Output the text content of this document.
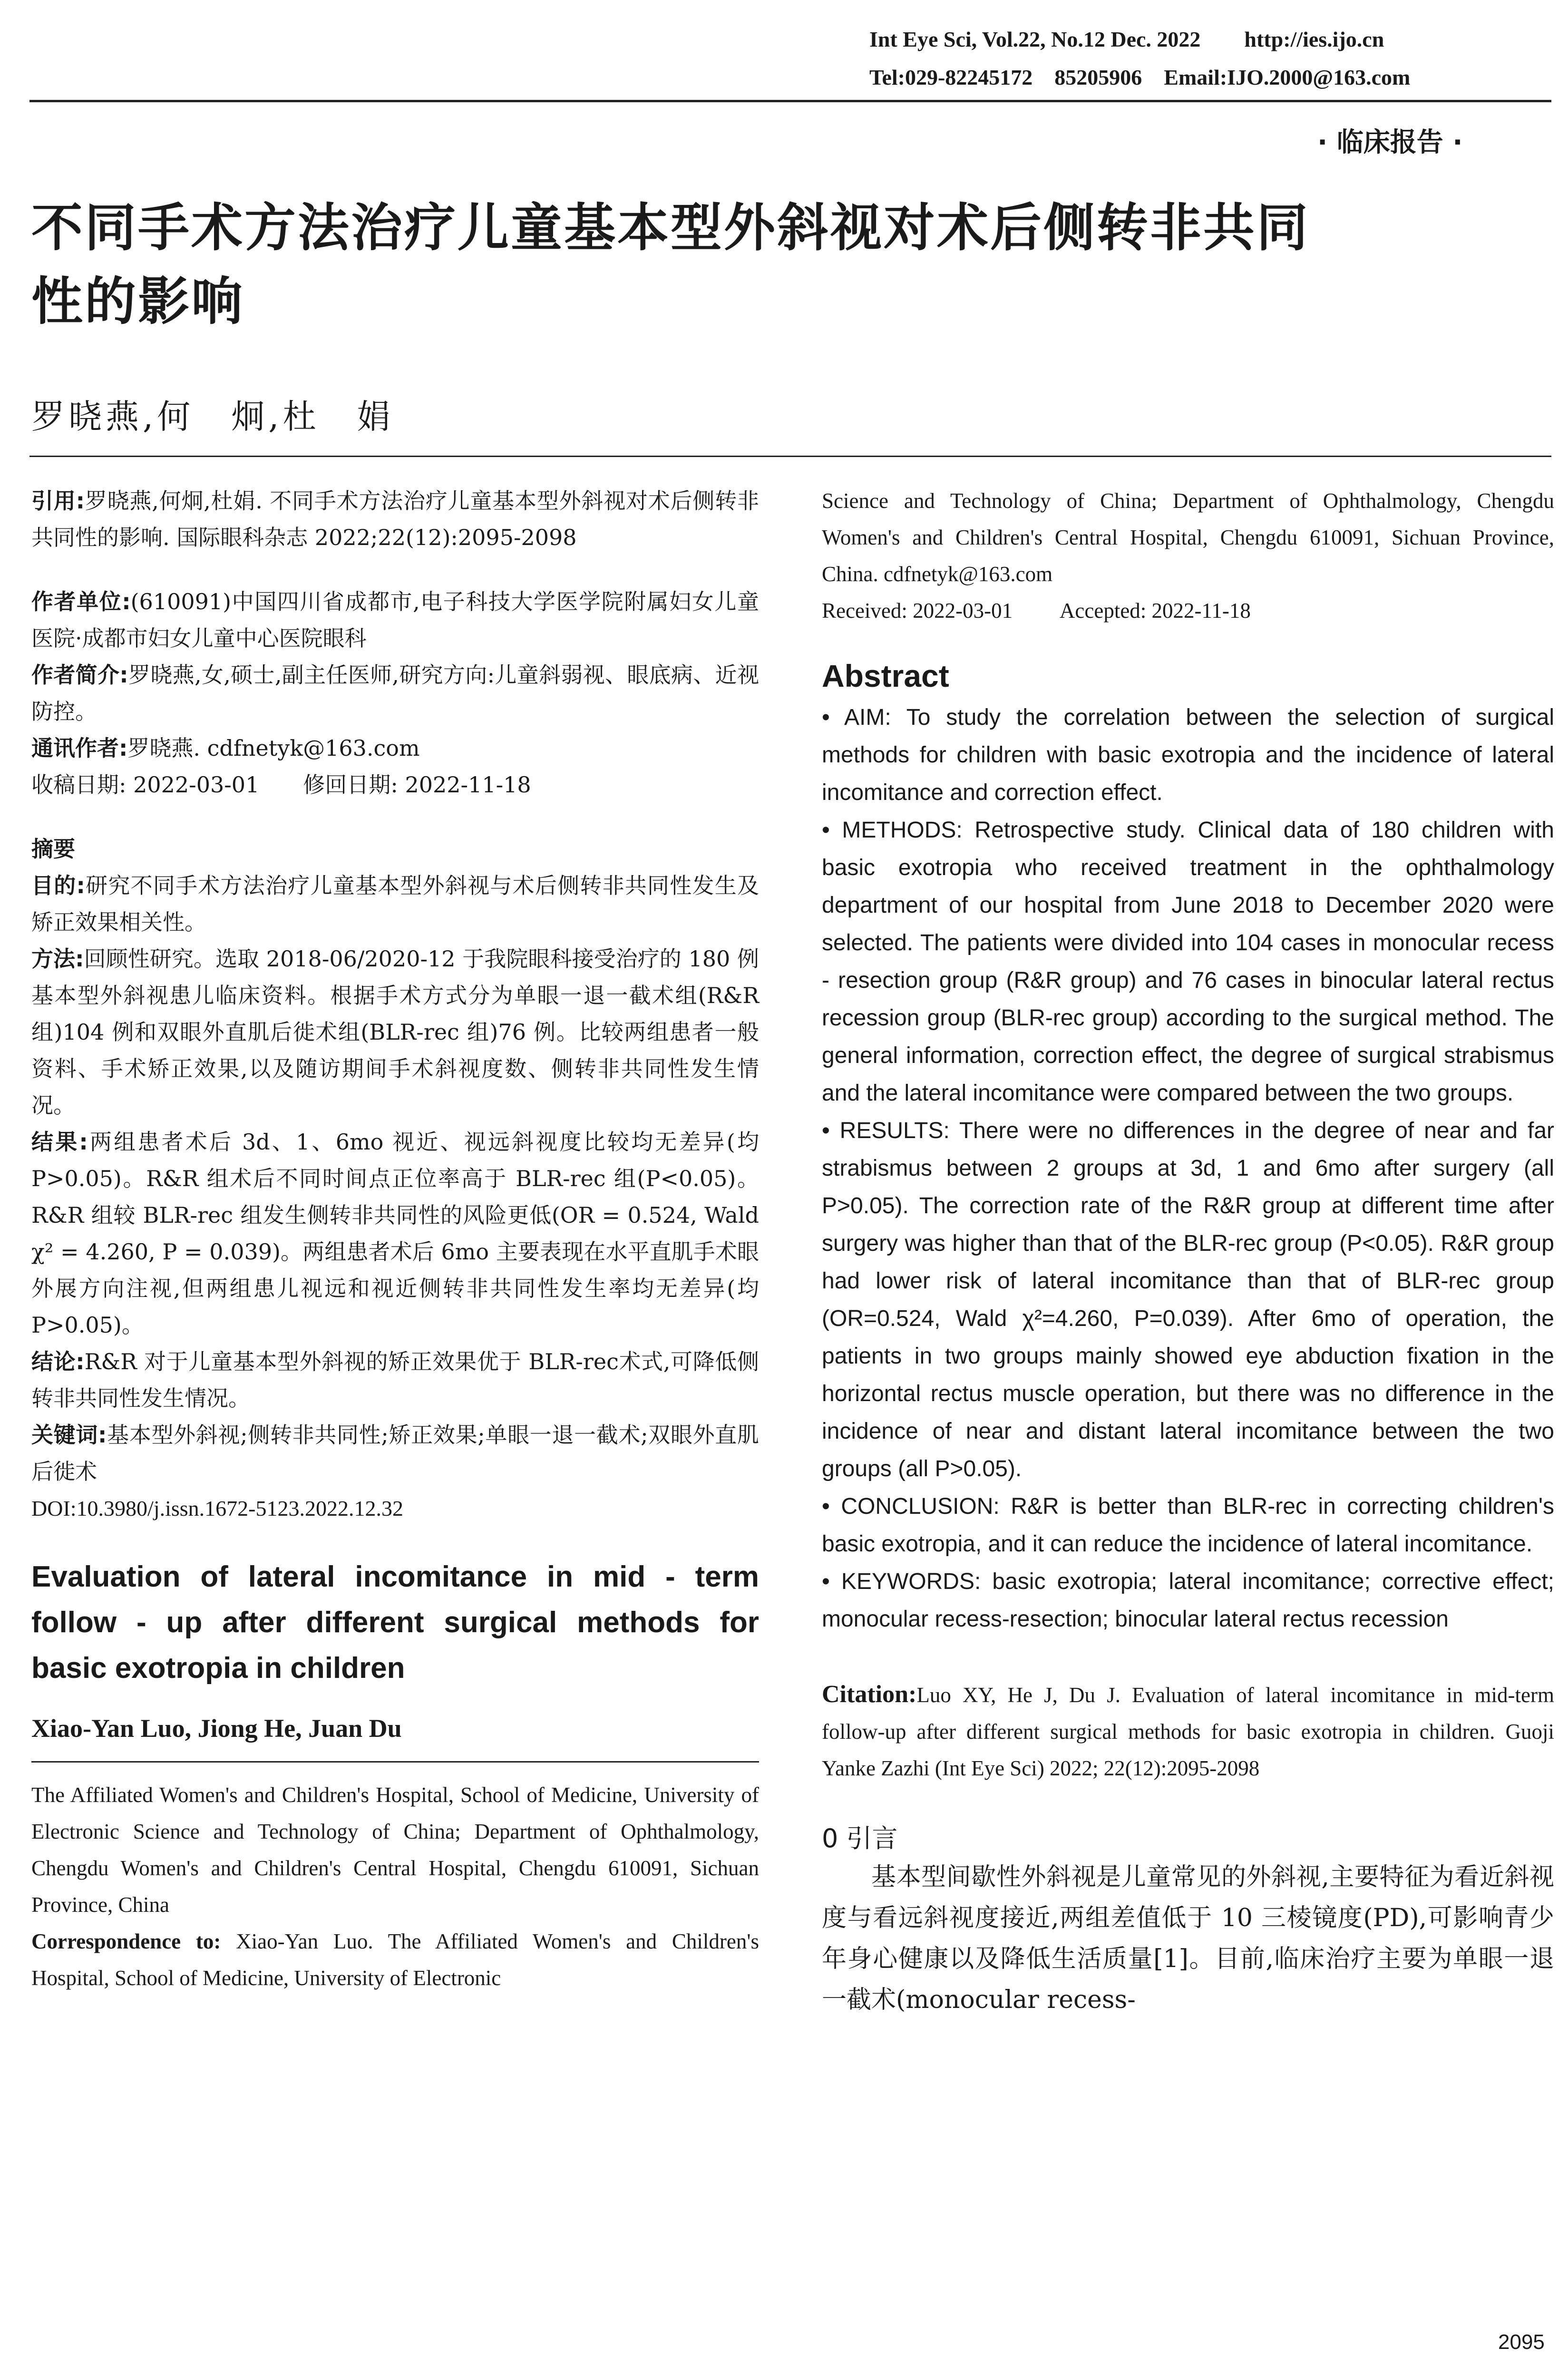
Int Eye Sci, Vol.22, No.12 Dec. 2022        http://ies.ijo.cn
Tel:029-82245172    85205906    Email:IJO.2000@163.com
· 临床报告 ·
不同手术方法治疗儿童基本型外斜视对术后侧转非共同
性的影响
罗晓燕,何　炯,杜　娟

引用:罗晓燕,何炯,杜娟. 不同手术方法治疗儿童基本型外斜视对术后侧转非共同性的影响. 国际眼科杂志 2022;22(12):2095-2098

作者单位:(610091)中国四川省成都市,电子科技大学医学院附属妇女儿童医院·成都市妇女儿童中心医院眼科

作者简介:罗晓燕,女,硕士,副主任医师,研究方向:儿童斜弱视、眼底病、近视防控。

通讯作者:罗晓燕. cdfnetyk@163.com

收稿日期: 2022-03-01　　修回日期: 2022-11-18

摘要

目的:研究不同手术方法治疗儿童基本型外斜视与术后侧转非共同性发生及矫正效果相关性。

方法:回顾性研究。选取 2018-06/2020-12 于我院眼科接受治疗的 180 例基本型外斜视患儿临床资料。根据手术方式分为单眼一退一截术组(R&R 组)104 例和双眼外直肌后徙术组(BLR-rec 组)76 例。比较两组患者一般资料、手术矫正效果,以及随访期间手术斜视度数、侧转非共同性发生情况。

结果:两组患者术后 3d、1、6mo 视近、视远斜视度比较均无差异(均 P>0.05)。R&R 组术后不同时间点正位率高于 BLR-rec 组(P<0.05)。R&R 组较 BLR-rec 组发生侧转非共同性的风险更低(OR = 0.524, Wald χ² = 4.260, P = 0.039)。两组患者术后 6mo 主要表现在水平直肌手术眼外展方向注视,但两组患儿视远和视近侧转非共同性发生率均无差异(均 P>0.05)。

结论:R&R 对于儿童基本型外斜视的矫正效果优于 BLR-rec术式,可降低侧转非共同性发生情况。

关键词:基本型外斜视;侧转非共同性;矫正效果;单眼一退一截术;双眼外直肌后徙术

DOI:10.3980/j.issn.1672-5123.2022.12.32

Evaluation of lateral incomitance in mid - term follow - up after different surgical methods for basic exotropia in children

Xiao-Yan Luo, Jiong He, Juan Du

The Affiliated Women's and Children's Hospital, School of Medicine, University of Electronic Science and Technology of China; Department of Ophthalmology, Chengdu Women's and Children's Central Hospital, Chengdu 610091, Sichuan Province, China

Correspondence to: Xiao-Yan Luo. The Affiliated Women's and Children's Hospital, School of Medicine, University of Electronic

Science and Technology of China; Department of Ophthalmology, Chengdu Women's and Children's Central Hospital, Chengdu 610091, Sichuan Province, China. cdfnetyk@163.com

Received: 2022-03-01　　 Accepted: 2022-11-18

Abstract

• AIM: To study the correlation between the selection of surgical methods for children with basic exotropia and the incidence of lateral incomitance and correction effect.

• METHODS: Retrospective study. Clinical data of 180 children with basic exotropia who received treatment in the ophthalmology department of our hospital from June 2018 to December 2020 were selected. The patients were divided into 104 cases in monocular recess - resection group (R&R group) and 76 cases in binocular lateral rectus recession group (BLR-rec group) according to the surgical method. The general information, correction effect, the degree of surgical strabismus and the lateral incomitance were compared between the two groups.

• RESULTS: There were no differences in the degree of near and far strabismus between 2 groups at 3d, 1 and 6mo after surgery (all P>0.05). The correction rate of the R&R group at different time after surgery was higher than that of the BLR-rec group (P<0.05). R&R group had lower risk of lateral incomitance than that of BLR-rec group (OR=0.524, Wald χ²=4.260, P=0.039). After 6mo of operation, the patients in two groups mainly showed eye abduction fixation in the horizontal rectus muscle operation, but there was no difference in the incidence of near and distant lateral incomitance between the two groups (all P>0.05).

• CONCLUSION: R&R is better than BLR-rec in correcting children's basic exotropia, and it can reduce the incidence of lateral incomitance.

• KEYWORDS: basic exotropia; lateral incomitance; corrective effect; monocular recess-resection; binocular lateral rectus recession

Citation:Luo XY, He J, Du J. Evaluation of lateral incomitance in mid-term follow-up after different surgical methods for basic exotropia in children. Guoji Yanke Zazhi (Int Eye Sci) 2022; 22(12):2095-2098

0 引言

基本型间歇性外斜视是儿童常见的外斜视,主要特征为看近斜视度与看远斜视度接近,两组差值低于 10 三棱镜度(PD),可影响青少年身心健康以及降低生活质量[1]。目前,临床治疗主要为单眼一退一截术(monocular recess-

2095
